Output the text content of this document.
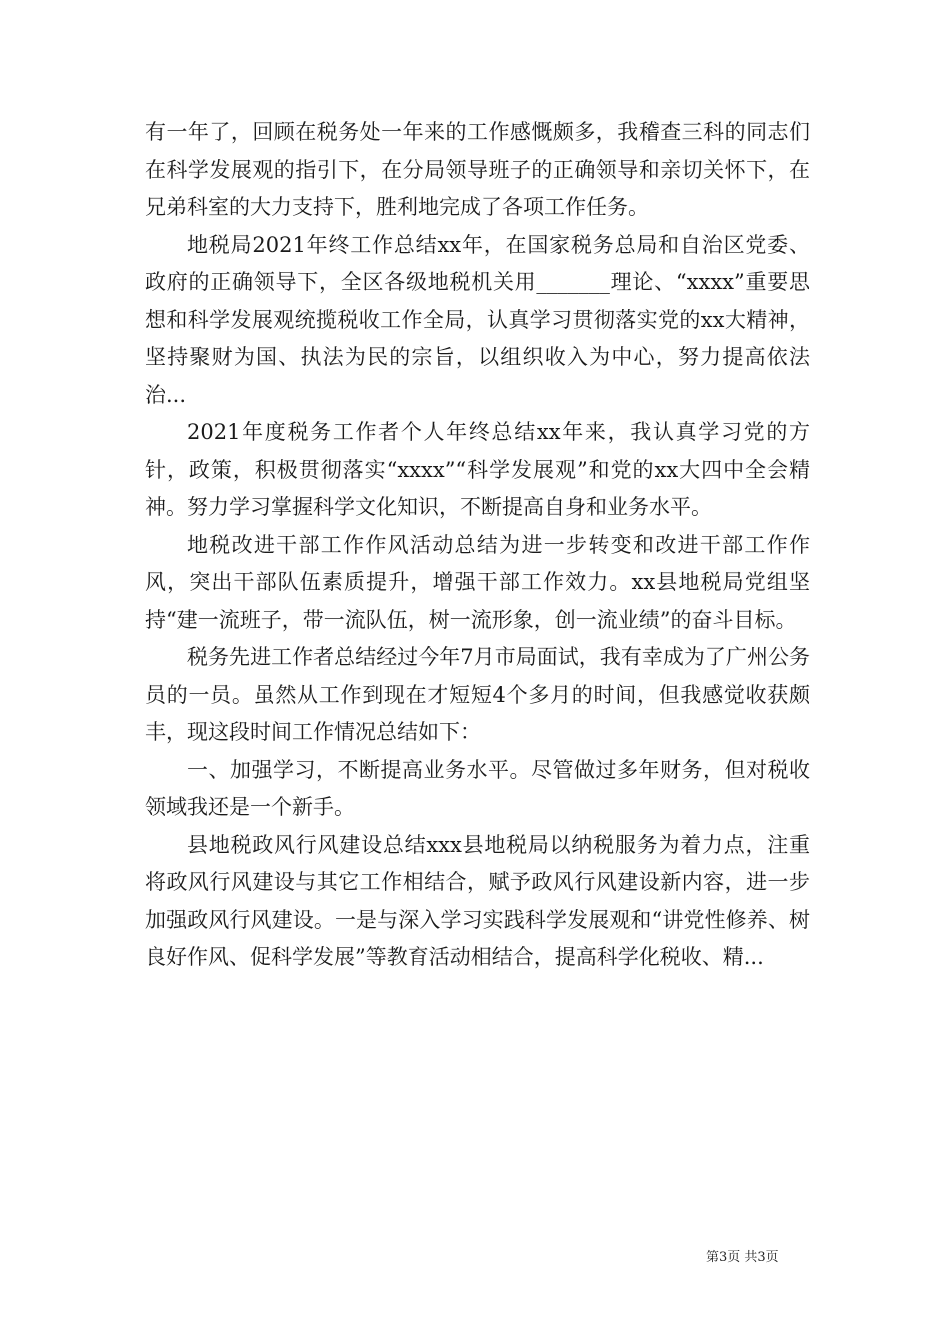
有一年了，回顾在税务处一年来的工作感慨颇多，我稽查三科的同志们在科学发展观的指引下，在分局领导班子的正确领导和亲切关怀下，在兄弟科室的大力支持下，胜利地完成了各项工作任务。

地税局2021年终工作总结xx年，在国家税务总局和自治区党委、政府的正确领导下，全区各级地税机关用_______理论、“xxxx”重要思想和科学发展观统揽税收工作全局，认真学习贯彻落实党的xx大精神，坚持聚财为国、执法为民的宗旨，以组织收入为中心，努力提高依法治...

2021年度税务工作者个人年终总结xx年来，我认真学习党的方针，政策，积极贯彻落实“xxxx”“科学发展观”和党的xx大四中全会精神。努力学习掌握科学文化知识，不断提高自身和业务水平。

地税改进干部工作作风活动总结为进一步转变和改进干部工作作风，突出干部队伍素质提升，增强干部工作效力。xx县地税局党组坚持“建一流班子，带一流队伍，树一流形象，创一流业绩”的奋斗目标。

税务先进工作者总结经过今年7月市局面试，我有幸成为了广州公务员的一员。虽然从工作到现在才短短4个多月的时间，但我感觉收获颇丰，现这段时间工作情况总结如下：

一、加强学习，不断提高业务水平。尽管做过多年财务，但对税收领域我还是一个新手。

县地税政风行风建设总结xxx县地税局以纳税服务为着力点，注重将政风行风建设与其它工作相结合，赋予政风行风建设新内容，进一步加强政风行风建设。一是与深入学习实践科学发展观和“讲党性修养、树良好作风、促科学发展”等教育活动相结合，提高科学化税收、精...

第3页 共3页
